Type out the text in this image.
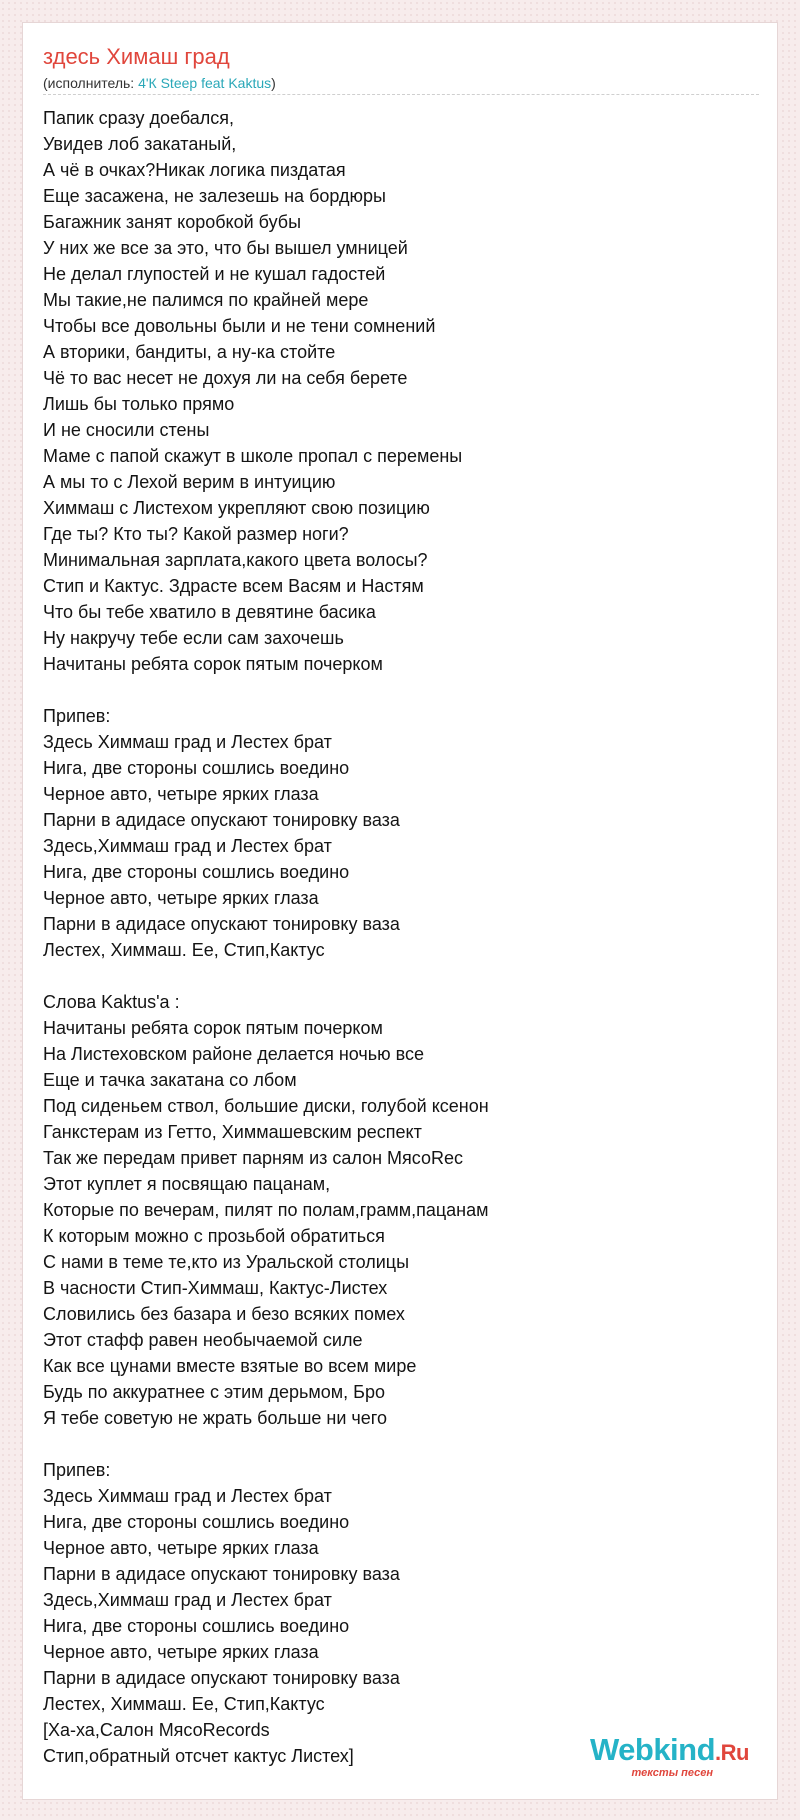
здесь Химаш град
(исполнитель: 4'К Steep feat Kaktus)
Папик сразу доебался,
Увидев лоб закатаный,
А чё в очках?Никак логика пиздатая
Еще засажена, не залезешь на бордюры
Багажник занят коробкой бубы
У них же все за это, что бы вышел умницей
Не делал глупостей и не кушал гадостей
Мы такие,не палимся по крайней мере
Чтобы все довольны были и не тени сомнений
А вторики, бандиты, а ну-ка стойте
Чё то вас несет не дохуя ли на себя берете
Лишь бы только прямо
И не сносили стены
Маме с папой скажут в школе пропал с перемены
А мы то с Лехой верим в интуицию
Химмаш с Листехом укрепляют свою позицию
Где ты? Кто ты? Какой размер ноги?
Минимальная зарплата,какого цвета волосы?
Стип и Кактус. Здрасте всем Васям и Настям
Что бы тебе хватило в девятине басика
Ну накручу тебе если сам захочешь
Начитаны ребята сорок пятым почерком
Припев:
Здесь Химмаш град и Лестех брат
Нига, две стороны сошлись воедино
Черное авто, четыре ярких глаза
Парни в адидасе опускают тонировку ваза
Здесь,Химмаш град и Лестех брат
Нига, две стороны сошлись воедино
Черное авто, четыре ярких глаза
Парни в адидасе опускают тонировку ваза
Лестех, Химмаш. Ее, Стип,Кактус
Слова Kaktus'a :
Начитаны ребята сорок пятым почерком
На Листеховском районе делается ночью все
Еще и тачка закатана со лбом
Под сиденьем ствол, большие диски, голубой ксенон
Ганкстерам из Гетто, Химмашевским респект
Так же передам привет парням из салон МясоRec
Этот куплет я посвящаю пацанам,
Которые по вечерам, пилят по полам,грамм,пацанам
К которым можно с прозьбой обратиться
С нами в теме те,кто из Уральской столицы
В часности Стип-Химмаш, Кактус-Листех
Словились без базара и безо всяких помех
Этот стафф равен необычаемой силе
Как все цунами вместе взятые во всем мире
Будь по аккуратнее с этим дерьмом, Бро
Я тебе советую не жрать больше ни чего
Припев:
Здесь Химмаш град и Лестех брат
Нига, две стороны сошлись воедино
Черное авто, четыре ярких глаза
Парни в адидасе опускают тонировку ваза
Здесь,Химмаш град и Лестех брат
Нига, две стороны сошлись воедино
Черное авто, четыре ярких глаза
Парни в адидасе опускают тонировку ваза
Лестех, Химмаш. Ее, Стип,Кактус
[Ха-ха,Салон МясоRecords
Стип,обратный отсчет кактус Листех]	Webkind.Ru
тексты песен
